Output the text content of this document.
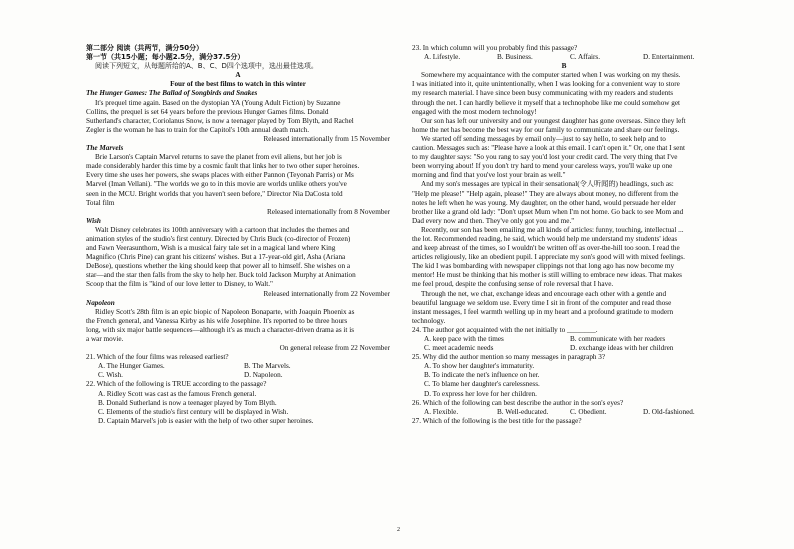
第二部分 阅读（共两节，满分50分）
第一节（共15小题；每小题2.5分，满分37.5分）
阅读下列短文，从每题所给的A、B、C、D四个选项中，选出最佳选项。
A
Four of the best films to watch in this winter
The Hunger Games: The Ballad of Songbirds and Snakes
It's prequel time again. Based on the dystopian YA (Young Adult Fiction) by Suzanne
Collins, the prequel is set 64 years before the previous Hunger Games films. Donald
Sutherland's character, Coriolanus Snow, is now a teenager played by Tom Blyth, and Rachel
Zegler is the woman he has to train for the Capitol's 10th annual death match.
Released internationally from 15 November
The Marvels
Brie Larson's Captain Marvel returns to save the planet from evil aliens, but her job is
made considerably harder this time by a cosmic fault that links her to two other super heroines.
Every time she uses her powers, she swaps places with either Pannon (Teyonah Parris) or Ms
Marvel (Iman Vellani). "The worlds we go to in this movie are worlds unlike others you've
seen in the MCU. Bright worlds that you haven't seen before," Director Nia DaCosta told
Total film
Released internationally from 8 November
Wish
Walt Disney celebrates its 100th anniversary with a cartoon that includes the themes and
animation styles of the studio's first century. Directed by Chris Buck (co-director of Frozen)
and Fawn Veerasunthorn, Wish is a musical fairy tale set in a magical land where King
Magnifico (Chris Pine) can grant his citizens' wishes. But a 17-year-old girl, Asha (Ariana
DeBose), questions whether the king should keep that power all to himself. She wishes on a
star—and the star then falls from the sky to help her. Buck told Jackson Murphy at Animation
Scoop that the film is "kind of our love letter to Disney, to Walt."
Released internationally from 22 November
Napoleon
Ridley Scott's 28th film is an epic biopic of Napoleon Bonaparte, with Joaquin Phoenix as
the French general, and Vanessa Kirby as his wife Josephine. It's reported to be three hours
long, with six major battle sequences—although it's as much a character-driven drama as it is
a war movie.
On general release from 22 November
21. Which of the four films was released earliest?
A. The Hunger Games.	B. The Marvels.
C. Wish.	D. Napoleon.
22. Which of the following is TRUE according to the passage?
A. Ridley Scott was cast as the famous French general.
B. Donald Sutherland is now a teenager played by Tom Blyth.
C. Elements of the studio's first century will be displayed in Wish.
D. Captain Marvel's job is easier with the help of two other super heroines.
23. In which column will you probably find this passage?
A. Lifestyle.	B. Business.	C. Affairs.	D. Entertainment.
B
Somewhere my acquaintance with the computer started when I was working on my thesis.
I was initiated into it, quite unintentionally, when I was looking for a convenient way to store
my research material. I have since been busy communicating with my readers and students
through the net. I can hardly believe it myself that a technophobe like me could somehow get
engaged with the most modern technology!
Our son has left our university and our youngest daughter has gone overseas. Since they left
home the net has become the best way for our family to communicate and share our feelings.
We started off sending messages by email only—just to say hello, to seek help and to
caution. Messages such as: "Please have a look at this email. I can't open it." Or, one that I sent
to my daughter says: "So you rang to say you'd lost your credit card. The very thing that I've
been worrying about! If you don't try hard to mend your careless ways, you'll wake up one
morning and find that you've lost your brain as well."
And my son's messages are typical in their sensational(令人听闻的) headlings, such as:
"Help me please!" "Help again, please!" They are always about money, no different from the
notes he left when he was young. My daughter, on the other hand, would persuade her elder
brother like a grand old lady: "Don't upset Mum when I'm not home. Go back to see Mom and
Dad every now and then. They've only got you and me."
Recently, our son has been emailing me all kinds of articles: funny, touching, intellectual ...
the lot. Recommended reading, he said, which would help me understand my students' ideas
and keep abreast of the times, so I wouldn't be written off as over-the-hill too soon. I read the
articles religiously, like an obedient pupil. I appreciate my son's good will with mixed feelings.
The kid I was bombarding with newspaper clippings not that long ago has now become my
mentor! He must be thinking that his mother is still willing to embrace new ideas. That makes
me feel proud, despite the confusing sense of role reversal that I have.
Through the net, we chat, exchange ideas and encourage each other with a gentle and
beautiful language we seldom use. Every time I sit in front of the computer and read those
instant messages, I feel warmth welling up in my heart and a profound gratitude to modern
technology.
24. The author got acquainted with the net initially to ________.
A. keep pace with the times	B. communicate with her readers
C. meet academic needs	D. exchange ideas with her children
25. Why did the author mention so many messages in paragraph 3?
A. To show her daughter's immaturity.
B. To indicate the net's influence on her.
C. To blame her daughter's carelessness.
D. To express her love for her children.
26. Which of the following can best describe the author in the son's eyes?
A. Flexible.	B. Well-educated.	C. Obedient.	D. Old-fashioned.
27. Which of the following is the best title for the passage?
2
